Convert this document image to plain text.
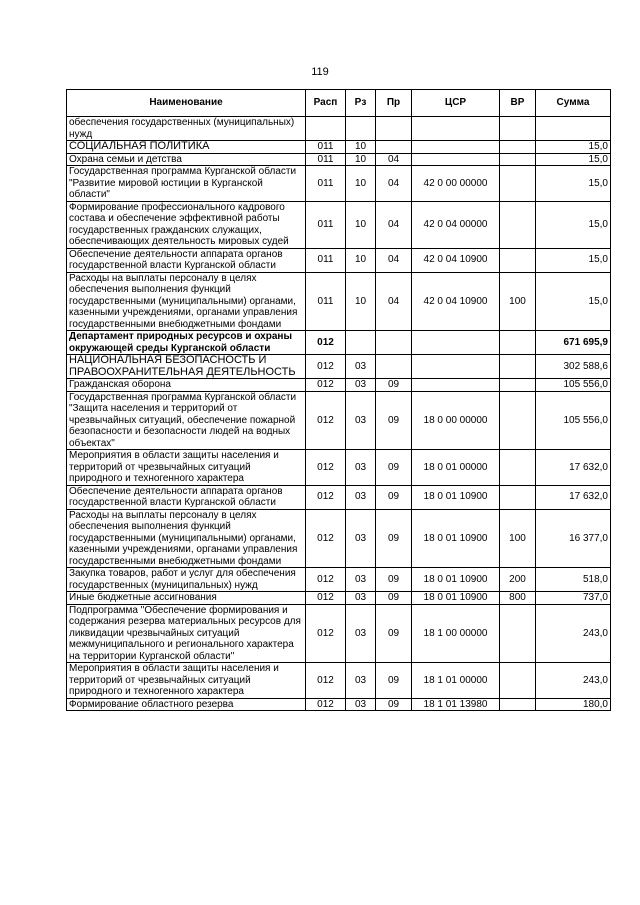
119
Наименование	Расп	Рз	Пр	ЦСР	ВР	Сумма
обеспечения государственных (муниципальных) нужд						
СОЦИАЛЬНАЯ ПОЛИТИКА	011	10				15,0
Охрана семьи и детства	011	10	04			15,0
Государственная программа Курганской области "Развитие мировой юстиции в Курганской области"	011	10	04	42 0 00 00000		15,0
Формирование профессионального кадрового состава и обеспечение эффективной работы государственных гражданских служащих, обеспечивающих деятельность мировых судей	011	10	04	42 0 04 00000		15,0
Обеспечение деятельности аппарата органов государственной власти Курганской области	011	10	04	42 0 04 10900		15,0
Расходы на выплаты персоналу в целях обеспечения выполнения функций государственными (муниципальными) органами, казенными учреждениями, органами управления государственными внебюджетными фондами	011	10	04	42 0 04 10900	100	15,0
Департамент природных ресурсов и охраны окружающей среды Курганской области	012					671 695,9
НАЦИОНАЛЬНАЯ БЕЗОПАСНОСТЬ И ПРАВООХРАНИТЕЛЬНАЯ ДЕЯТЕЛЬНОСТЬ	012	03				302 588,6
Гражданская оборона	012	03	09			105 556,0
Государственная программа Курганской области "Защита населения и территорий от чрезвычайных ситуаций, обеспечение пожарной безопасности и безопасности людей на водных объектах"	012	03	09	18 0 00 00000		105 556,0
Мероприятия в области защиты населения и территорий от чрезвычайных ситуаций природного и техногенного характера	012	03	09	18 0 01 00000		17 632,0
Обеспечение деятельности аппарата органов государственной власти Курганской области	012	03	09	18 0 01 10900		17 632,0
Расходы на выплаты персоналу в целях обеспечения выполнения функций государственными (муниципальными) органами, казенными учреждениями, органами управления государственными внебюджетными фондами	012	03	09	18 0 01 10900	100	16 377,0
Закупка товаров, работ и услуг для обеспечения государственных (муниципальных) нужд	012	03	09	18 0 01 10900	200	518,0
Иные бюджетные ассигнования	012	03	09	18 0 01 10900	800	737,0
Подпрограмма "Обеспечение формирования и содержания резерва материальных ресурсов для ликвидации чрезвычайных ситуаций межмуниципального и регионального характера на территории Курганской области"	012	03	09	18 1 00 00000		243,0
Мероприятия в области защиты населения и территорий от чрезвычайных ситуаций природного и техногенного характера	012	03	09	18 1 01 00000		243,0
Формирование областного резерва	012	03	09	18 1 01 13980		180,0
